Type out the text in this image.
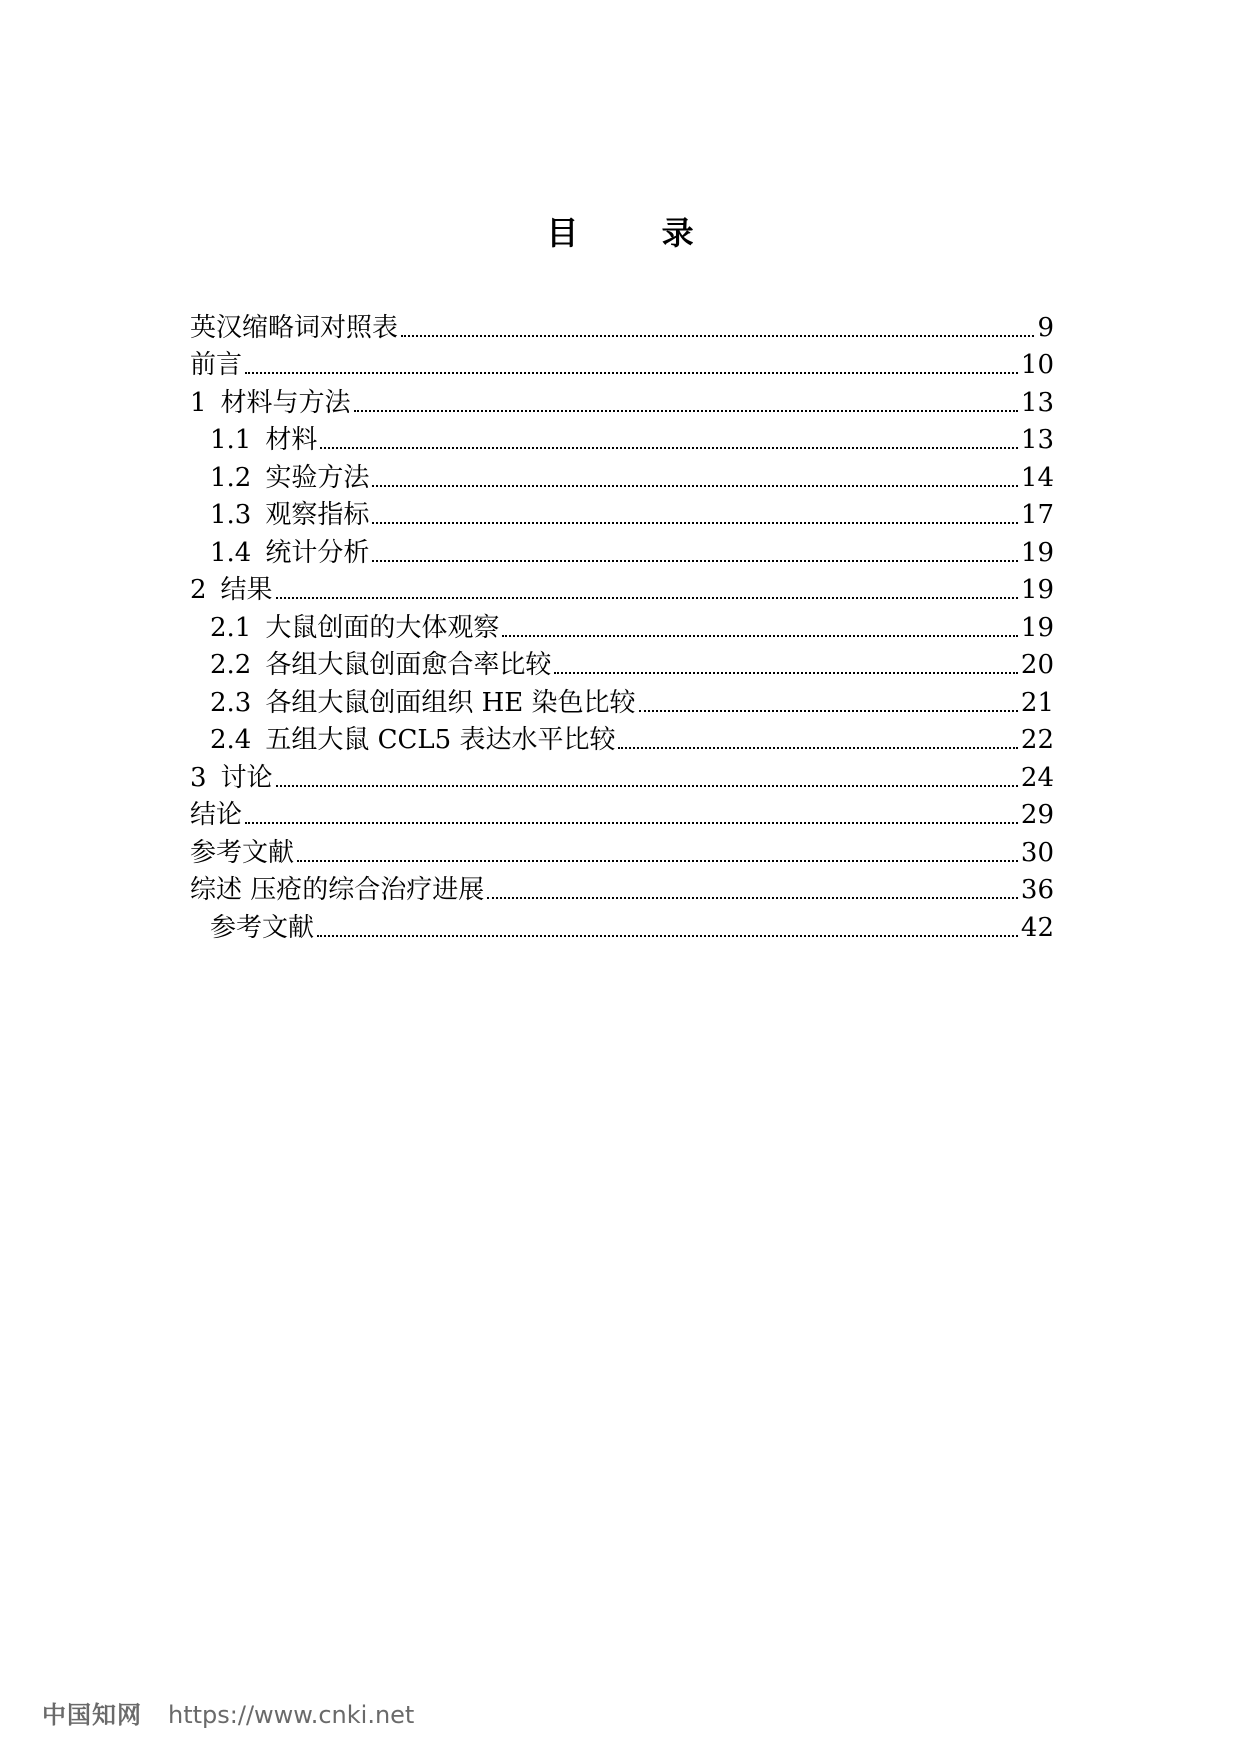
目 录
英汉缩略词对照表	9
前言	10
1 材料与方法	13
1.1 材料	13
1.2 实验方法	14
1.3 观察指标	17
1.4 统计分析	19
2 结果	19
2.1 大鼠创面的大体观察	19
2.2 各组大鼠创面愈合率比较	20
2.3 各组大鼠创面组织 HE 染色比较	21
2.4 五组大鼠 CCL5 表达水平比较	22
3 讨论	24
结论	29
参考文献	30
综述 压疮的综合治疗进展	36
参考文献	42
中国知网 https://www.cnki.net
